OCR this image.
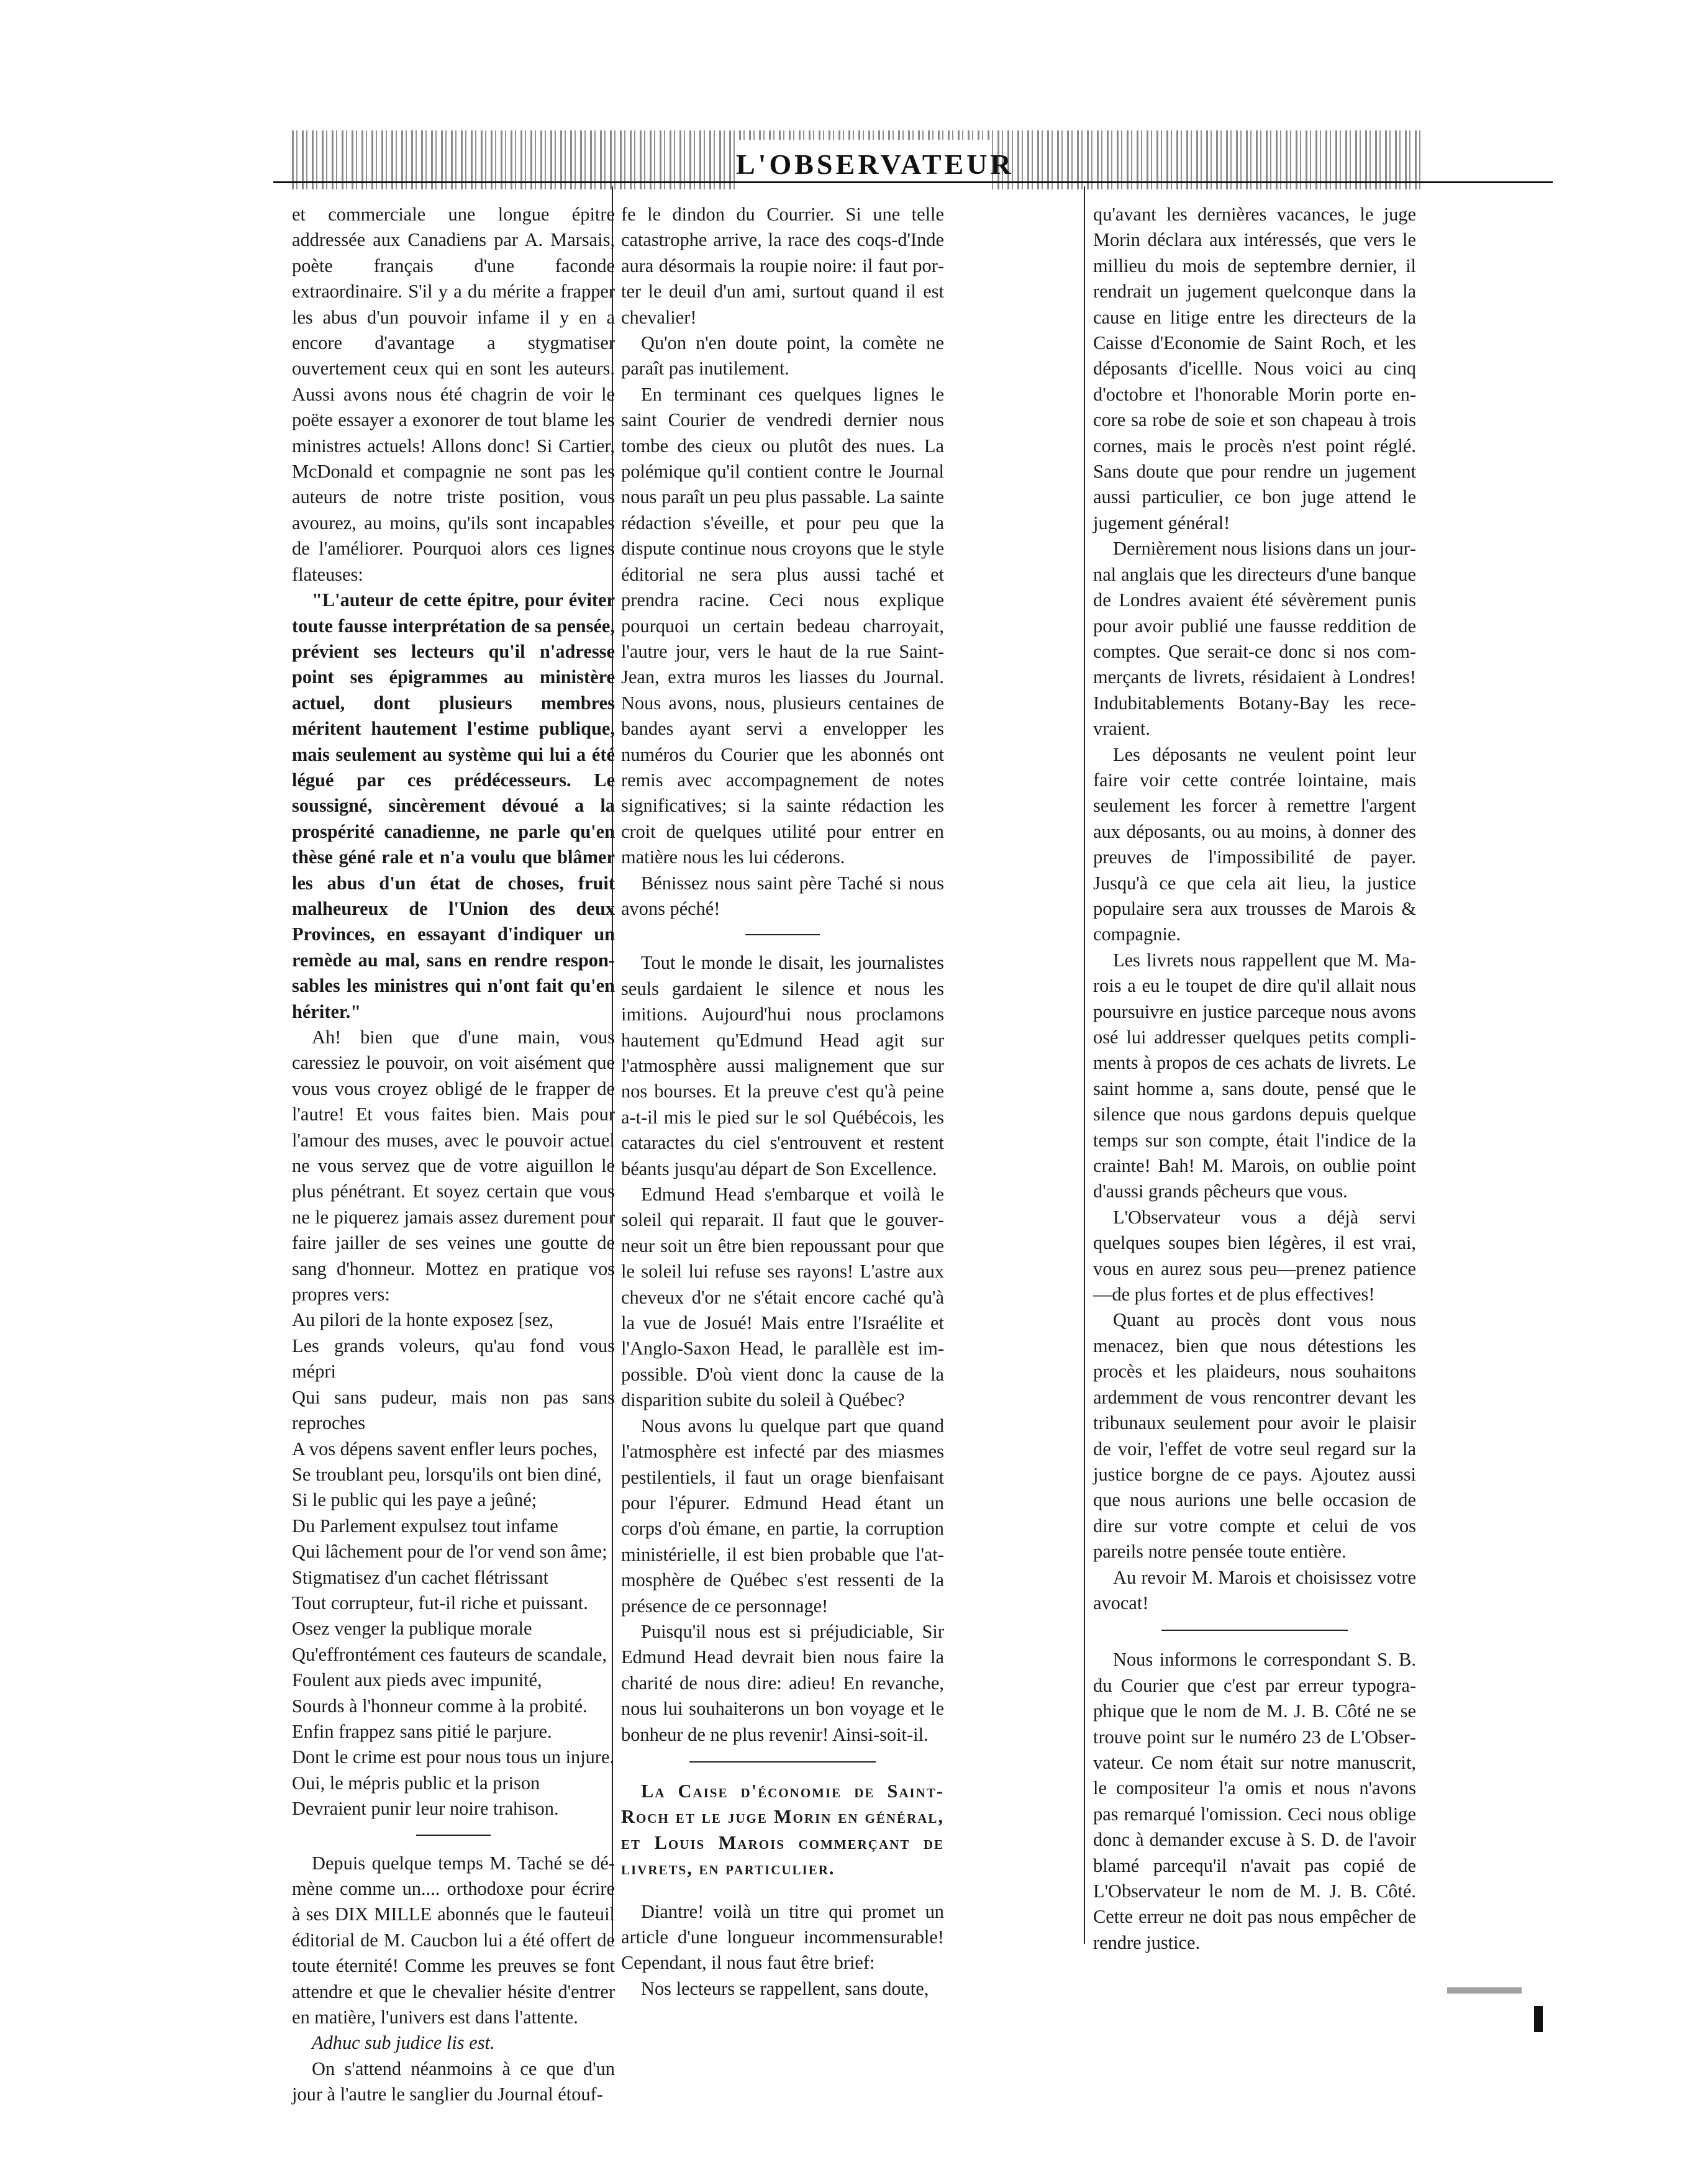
L'OBSERVATEUR

et commerciale une longue épitre addressée aux Canadiens par A. Marsais, poète français d'une faconde extraordinaire. S'il y a du mérite a frapper les abus d'un pouvoir infame il y en a encore d'avantage a stygmatiser ouvertement ceux qui en sont les auteurs. Aussi avons nous été chagrin de voir le poëte essayer a exonorer de tout blame les ministres actuels! Allons donc! Si Cartier, McDonald et compagnie ne sont pas les auteurs de notre triste position, vous avourez, au moins, qu'ils sont incapables de l'améliorer. Pourquoi alors ces lignes flateuses:

"L'auteur de cette épitre, pour éviter toute fausse interprétation de sa pensée, prévient ses lecteurs qu'il n'adresse point ses épigrammes au ministère actuel, dont plusieurs membres méritent hautement l'estime publique, mais seulement au système qui lui a été légué par ces prédécesseurs. Le soussigné, sincèrement dévoué a la prospérité canadienne, ne parle qu'en thèse géné rale et n'a voulu que blâmer les abus d'un état de choses, fruit malheureux de l'Union des deux Provinces, en essayant d'indiquer un remède au mal, sans en rendre responsables les ministres qui n'ont fait qu'en hériter."

Ah! bien que d'une main, vous caressiez le pouvoir, on voit aisément que vous vous croyez obligé de le frapper de l'autre! Et vous faites bien. Mais pour l'amour des muses, avec le pouvoir actuel ne vous servez que de votre aiguillon le plus pénétrant. Et soyez certain que vous ne le piquerez jamais assez durement pour faire jailler de ses veines une goutte de sang d'honneur. Mottez en pratique vos propres vers:

Au pilori de la honte exposez [sez,

Les grands voleurs, qu'au fond vous mépri

Qui sans pudeur, mais non pas sans reproches

A vos dépens savent enfler leurs poches,

Se troublant peu, lorsqu'ils ont bien diné,

Si le public qui les paye a jeûné;

Du Parlement expulsez tout infame

Qui lâchement pour de l'or vend son âme;

Stigmatisez d'un cachet flétrissant

Tout corrupteur, fut-il riche et puissant.

Osez venger la publique morale

Qu'effrontément ces fauteurs de scandale,

Foulent aux pieds avec impunité,

Sourds à l'honneur comme à la probité.

Enfin frappez sans pitié le parjure.

Dont le crime est pour nous tous un injure.

Oui, le mépris public et la prison

Devraient punir leur noire trahison.

Depuis quelque temps M. Taché se démène comme un.... orthodoxe pour écrire à ses DIX MILLE abonnés que le fauteuil éditorial de M. Caucbon lui a été offert de toute éternité! Comme les preuves se font attendre et que le chevalier hésite d'entrer en matière, l'univers est dans l'attente.

Adhuc sub judice lis est.

On s'attend néanmoins à ce que d'un jour à l'autre le sanglier du Journal étouf-

fe le dindon du Courrier. Si une telle catastrophe arrive, la race des coqs-d'Inde aura désormais la roupie noire: il faut porter le deuil d'un ami, surtout quand il est chevalier!

Qu'on n'en doute point, la comète ne paraît pas inutilement.

En terminant ces quelques lignes le saint Courier de vendredi dernier nous tombe des cieux ou plutôt des nues. La polémique qu'il contient contre le Journal nous paraît un peu plus passable. La sainte rédaction s'éveille, et pour peu que la dispute continue nous croyons que le style éditorial ne sera plus aussi taché et prendra racine. Ceci nous explique pourquoi un certain bedeau charroyait, l'autre jour, vers le haut de la rue Saint-Jean, extra muros les liasses du Journal. Nous avons, nous, plusieurs centaines de bandes ayant servi a envelopper les numéros du Courier que les abonnés ont remis avec accompagnement de notes significatives; si la sainte rédaction les croit de quelques utilité pour entrer en matière nous les lui céderons.

Bénissez nous saint père Taché si nous avons péché!

Tout le monde le disait, les journalistes seuls gardaient le silence et nous les imitions. Aujourd'hui nous proclamons hautement qu'Edmund Head agit sur l'atmosphère aussi malignement que sur nos bourses. Et la preuve c'est qu'à peine a-t-il mis le pied sur le sol Québécois, les cataractes du ciel s'entrouvent et restent béants jusqu'au départ de Son Excellence.

Edmund Head s'embarque et voilà le soleil qui reparait. Il faut que le gouverneur soit un être bien repoussant pour que le soleil lui refuse ses rayons! L'astre aux cheveux d'or ne s'était encore caché qu'à la vue de Josué! Mais entre l'Israélite et l'Anglo-Saxon Head, le parallèle est impossible. D'où vient donc la cause de la disparition subite du soleil à Québec?

Nous avons lu quelque part que quand l'atmosphère est infecté par des miasmes pestilentiels, il faut un orage bienfaisant pour l'épurer. Edmund Head étant un corps d'où émane, en partie, la corruption ministérielle, il est bien probable que l'atmosphère de Québec s'est ressenti de la présence de ce personnage!

Puisqu'il nous est si préjudiciable, Sir Edmund Head devrait bien nous faire la charité de nous dire: adieu! En revanche, nous lui souhaiterons un bon voyage et le bonheur de ne plus revenir! Ainsi-soit-il.

La Caise d'économie de Saint-Roch et le juge Morin en général, et Louis Marois commerçant de livrets, en particulier.

Diantre! voilà un titre qui promet un article d'une longueur incommensurable! Cependant, il nous faut être brief:

Nos lecteurs se rappellent, sans doute,

qu'avant les dernières vacances, le juge Morin déclara aux intéressés, que vers le millieu du mois de septembre dernier, il rendrait un jugement quelconque dans la cause en litige entre les directeurs de la Caisse d'Economie de Saint Roch, et les déposants d'icellle. Nous voici au cinq d'octobre et l'honorable Morin porte encore sa robe de soie et son chapeau à trois cornes, mais le procès n'est point réglé. Sans doute que pour rendre un jugement aussi particulier, ce bon juge attend le jugement général!

Dernièrement nous lisions dans un journal anglais que les directeurs d'une banque de Londres avaient été sévèrement punis pour avoir publié une fausse reddition de comptes. Que serait-ce donc si nos commerçants de livrets, résidaient à Londres! Indubitablements Botany-Bay les recevraient.

Les déposants ne veulent point leur faire voir cette contrée lointaine, mais seulement les forcer à remettre l'argent aux déposants, ou au moins, à donner des preuves de l'impossibilité de payer. Jusqu'à ce que cela ait lieu, la justice populaire sera aux trousses de Marois & compagnie.

Les livrets nous rappellent que M. Marois a eu le toupet de dire qu'il allait nous poursuivre en justice parceque nous avons osé lui addresser quelques petits compliments à propos de ces achats de livrets. Le saint homme a, sans doute, pensé que le silence que nous gardons depuis quelque temps sur son compte, était l'indice de la crainte! Bah! M. Marois, on oublie point d'aussi grands pêcheurs que vous.

L'Observateur vous a déjà servi quelques soupes bien légères, il est vrai, vous en aurez sous peu—prenez patience—de plus fortes et de plus effectives!

Quant au procès dont vous nous menacez, bien que nous détestions les procès et les plaideurs, nous souhaitons ardemment de vous rencontrer devant les tribunaux seulement pour avoir le plaisir de voir, l'effet de votre seul regard sur la justice borgne de ce pays. Ajoutez aussi que nous aurions une belle occasion de dire sur votre compte et celui de vos pareils notre pensée toute entière.

Au revoir M. Marois et choisissez votre avocat!

Nous informons le correspondant S. B. du Courier que c'est par erreur typographique que le nom de M. J. B. Côté ne se trouve point sur le numéro 23 de L'Observateur. Ce nom était sur notre manuscrit, le compositeur l'a omis et nous n'avons pas remarqué l'omission. Ceci nous oblige donc à demander excuse à S. D. de l'avoir blamé parcequ'il n'avait pas copié de L'Observateur le nom de M. J. B. Côté. Cette erreur ne doit pas nous empêcher de rendre justice.
